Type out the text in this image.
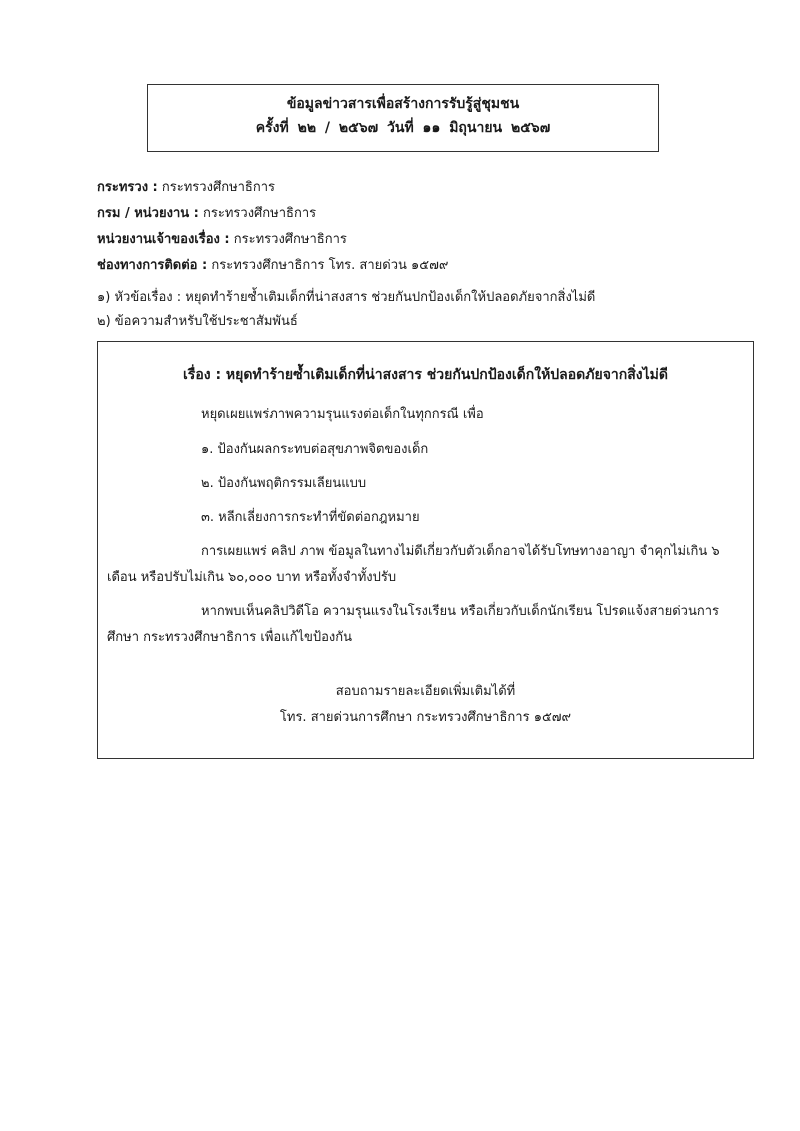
ข้อมูลข่าวสารเพื่อสร้างการรับรู้สู่ชุมชน
ครั้งที่ ๒๒ / ๒๕๖๗ วันที่ ๑๑ มิถุนายน ๒๕๖๗
กระทรวง : กระทรวงศึกษาธิการ
กรม / หน่วยงาน : กระทรวงศึกษาธิการ
หน่วยงานเจ้าของเรื่อง : กระทรวงศึกษาธิการ
ช่องทางการติดต่อ : กระทรวงศึกษาธิการ โทร. สายด่วน ๑๕๗๙
๑) หัวข้อเรื่อง : หยุดทำร้ายซ้ำเติมเด็กที่น่าสงสาร ช่วยกันปกป้องเด็กให้ปลอดภัยจากสิ่งไม่ดี
๒) ข้อความสำหรับใช้ประชาสัมพันธ์
เรื่อง : หยุดทำร้ายซ้ำเติมเด็กที่น่าสงสาร ช่วยกันปกป้องเด็กให้ปลอดภัยจากสิ่งไม่ดี
หยุดเผยแพร่ภาพความรุนแรงต่อเด็กในทุกกรณี เพื่อ
๑. ป้องกันผลกระทบต่อสุขภาพจิตของเด็ก
๒. ป้องกันพฤติกรรมเลียนแบบ
๓. หลีกเลี่ยงการกระทำที่ขัดต่อกฎหมาย
การเผยแพร่ คลิป ภาพ ข้อมูลในทางไม่ดีเกี่ยวกับตัวเด็กอาจได้รับโทษทางอาญา จำคุกไม่เกิน ๖ เดือน หรือปรับไม่เกิน ๖๐,๐๐๐ บาท หรือทั้งจำทั้งปรับ
หากพบเห็นคลิปวิดีโอ ความรุนแรงในโรงเรียน หรือเกี่ยวกับเด็กนักเรียน โปรดแจ้งสายด่วนการศึกษา กระทรวงศึกษาธิการ เพื่อแก้ไขป้องกัน
สอบถามรายละเอียดเพิ่มเติมได้ที่
โทร. สายด่วนการศึกษา กระทรวงศึกษาธิการ ๑๕๗๙
